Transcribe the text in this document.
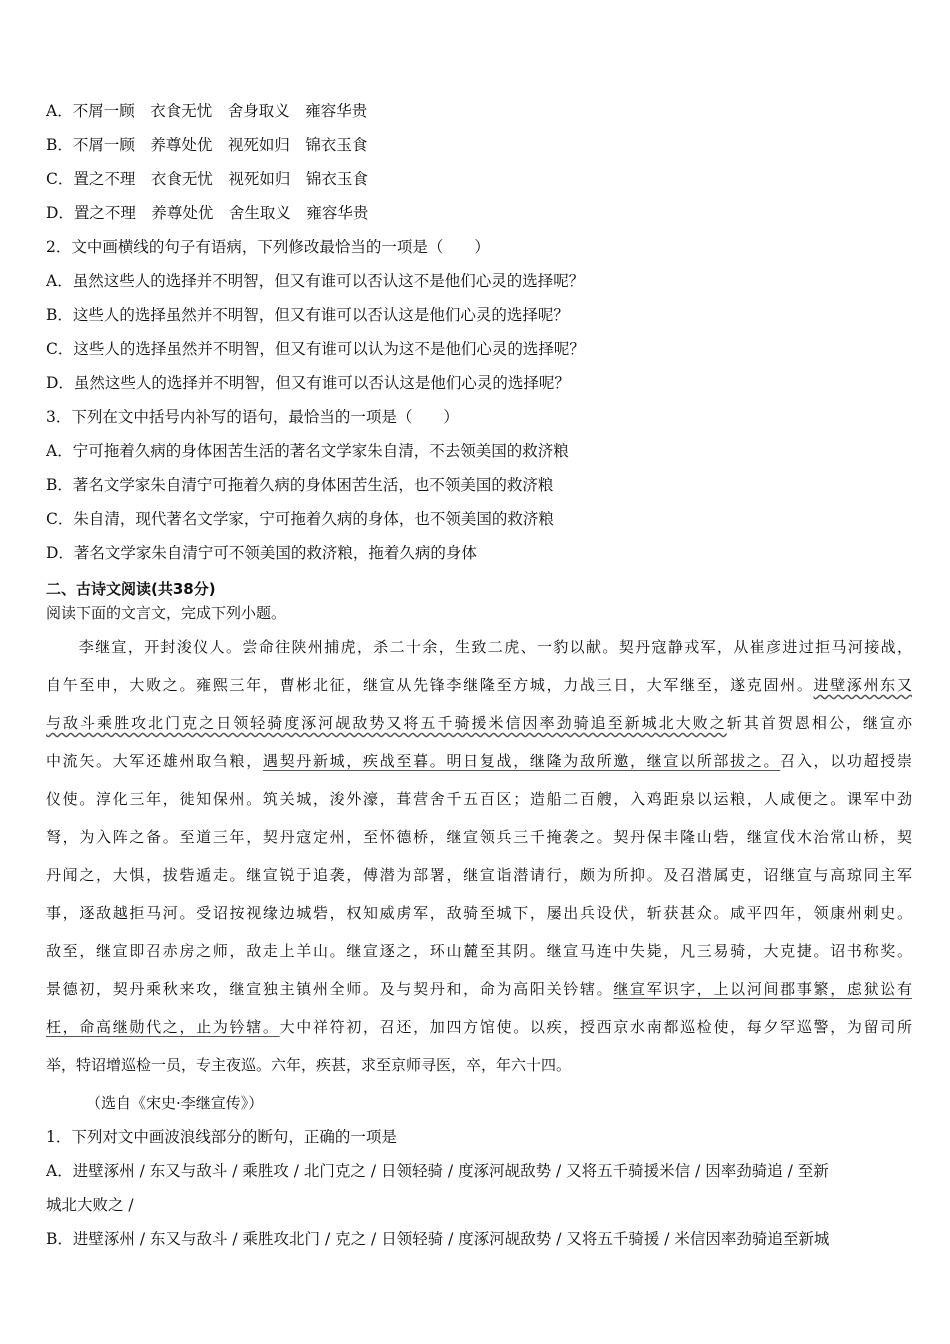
A．不屑一顾　衣食无忧　舍身取义　雍容华贵
B．不屑一顾　养尊处优　视死如归　锦衣玉食
C．置之不理　衣食无忧　视死如归　锦衣玉食
D．置之不理　养尊处优　舍生取义　雍容华贵
2．文中画横线的句子有语病，下列修改最恰当的一项是（　　）
A．虽然这些人的选择并不明智，但又有谁可以否认这不是他们心灵的选择呢？
B．这些人的选择虽然并不明智，但又有谁可以否认这是他们心灵的选择呢？
C．这些人的选择虽然并不明智，但又有谁可以认为这不是他们心灵的选择呢？
D．虽然这些人的选择并不明智，但又有谁可以否认这是他们心灵的选择呢？
3．下列在文中括号内补写的语句，最恰当的一项是（　　）
A．宁可拖着久病的身体困苦生活的著名文学家朱自清，不去领美国的救济粮
B．著名文学家朱自清宁可拖着久病的身体困苦生活，也不领美国的救济粮
C．朱自清，现代著名文学家，宁可拖着久病的身体，也不领美国的救济粮
D．著名文学家朱自清宁可不领美国的救济粮，拖着久病的身体
二、古诗文阅读(共38分)
阅读下面的文言文，完成下列小题。
　　李继宣，开封浚仪人。尝命往陕州捕虎，杀二十余，生致二虎、一豹以献。契丹寇静戎军，从崔彦进过拒马河接战，
自午至申，大败之。雍熙三年，曹彬北征，继宣从先锋李继隆至方城，力战三日，大军继至，遂克固州。进壁涿州东又
与敌斗乘胜攻北门克之日领轻骑度涿河觇敌势又将五千骑援米信因率劲骑追至新城北大败之斩其首贺恩相公，继宣亦
中流矢。大军还雄州取刍粮，遇契丹新城，疾战至暮。明日复战，继隆为敌所邀，继宣以所部拔之。召入，以功超授崇
仪使。淳化三年，徙知保州。筑关城，浚外濠，葺营舍千五百区；造船二百艘，入鸡距泉以运粮，人咸便之。课军中劲
弩，为入阵之备。至道三年，契丹寇定州，至怀德桥，继宣领兵三千掩袭之。契丹保丰隆山砦，继宣伐木治常山桥，契
丹闻之，大惧，拔砦遁走。继宣锐于追袭，傅潜为部署，继宣诣潜请行，颇为所抑。及召潜属吏，诏继宣与高琼同主军
事，逐敌越拒马河。受诏按视缘边城砦，权知威虏军，敌骑至城下，屡出兵设伏，斩获甚众。咸平四年，领康州刺史。
敌至，继宣即召赤房之师，敌走上羊山。继宣逐之，环山麓至其阴。继宣马连中失毙，凡三易骑，大克捷。诏书称奖。
景德初，契丹乘秋来攻，继宣独主镇州全师。及与契丹和，命为高阳关钤辖。继宣军识字，上以河间郡事繁，虑狱讼有
枉，命高继勋代之，止为钤辖。大中祥符初，召还，加四方馆使。以疾，授西京水南都巡检使，每夕罕巡警，为留司所
举，特诏增巡检一员，专主夜巡。六年，疾甚，求至京师寻医，卒，年六十四。
（选自《宋史·李继宣传》）
1．下列对文中画波浪线部分的断句，正确的一项是
A．进壁涿州 / 东又与敌斗 / 乘胜攻 / 北门克之 / 日领轻骑 / 度涿河觇敌势 / 又将五千骑援米信 / 因率劲骑追 / 至新
城北大败之 /
B．进壁涿州 / 东又与敌斗 / 乘胜攻北门 / 克之 / 日领轻骑 / 度涿河觇敌势 / 又将五千骑援 / 米信因率劲骑追至新城
